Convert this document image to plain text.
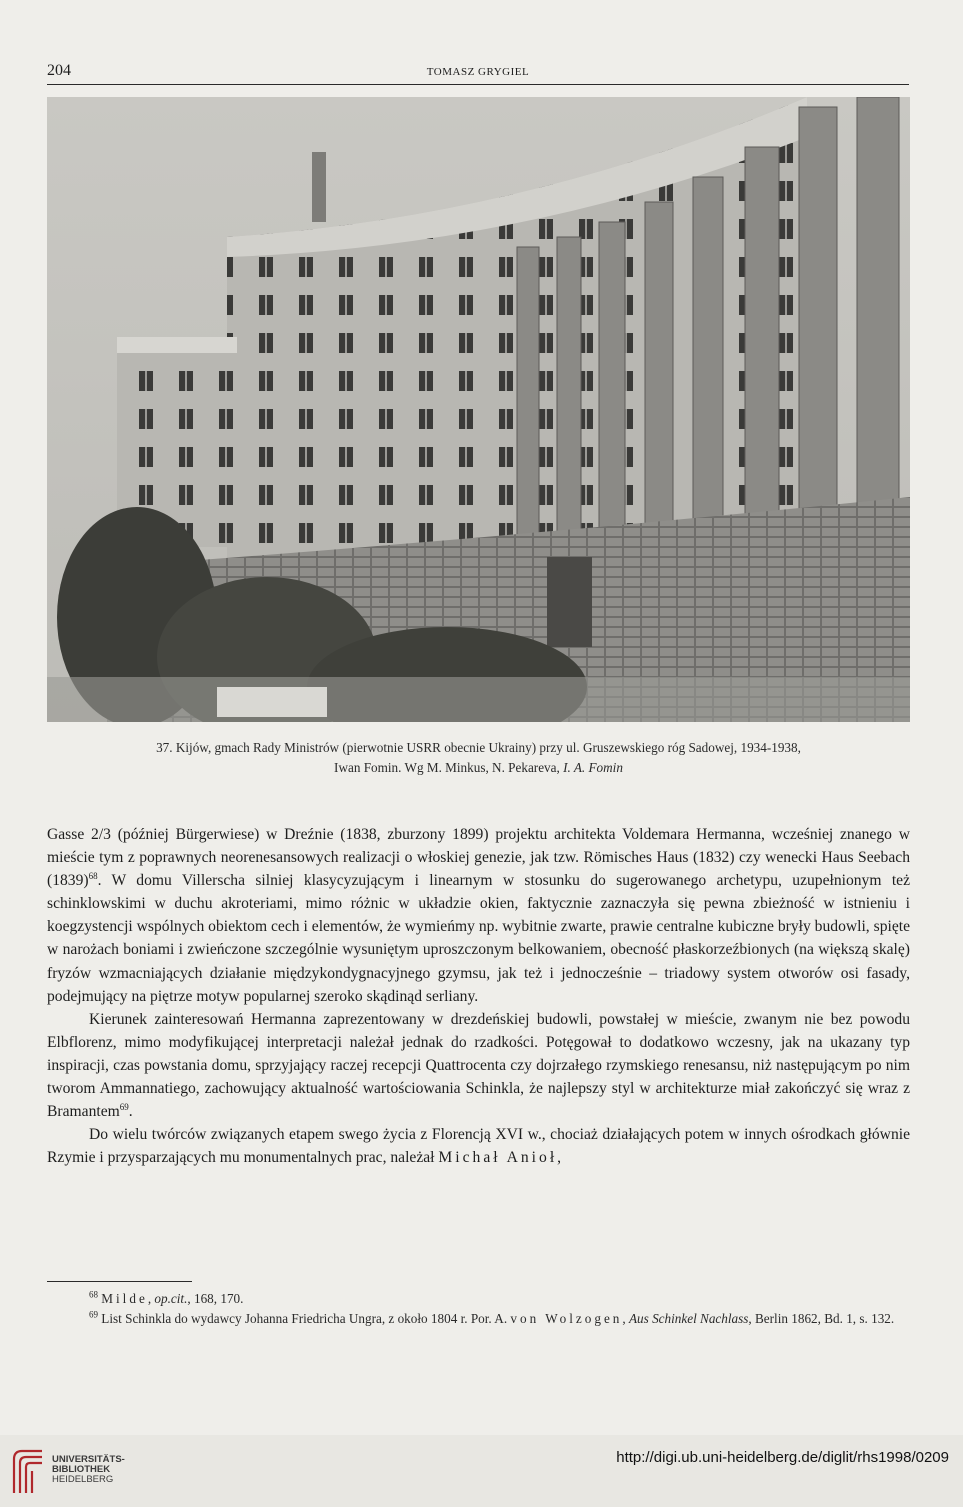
204	TOMASZ GRYGIEL
37. Kijów, gmach Rady Ministrów (pierwotnie USRR obecnie Ukrainy) przy ul. Gruszewskiego róg Sadowej, 1934-1938,
Iwan Fomin. Wg M. Minkus, N. Pekareva, I. A. Fomin

Gasse 2/3 (później Bürgerwiese) w Dreźnie (1838, zburzony 1899) projektu architekta Voldemara Hermanna, wcześniej znanego w mieście tym z poprawnych neorenesansowych realizacji o włoskiej genezie, jak tzw. Römisches Haus (1832) czy wenecki Haus Seebach $(1839)^{68}$. W domu Villerscha silniej klasycyzującym i linearnym w stosunku do sugerowanego archetypu, uzupełnionym też schinklowskimi w duchu akroteriami, mimo różnic w układzie okien, faktycznie zaznaczyła się pewna zbieżność w istnieniu i koegzystencji wspólnych obiektom cech i elementów, że wymieńmy np. wybitnie zwarte, prawie centralne kubiczne bryły budowli, spięte w narożach boniami i zwieńczone szczególnie wysuniętym uproszczonym belkowaniem, obecność płaskorzeźbionych (na większą skalę) fryzów wzmacniających działanie międzykondygnacyjnego gzymsu, jak też i jednocześnie – triadowy system otworów osi fasady, podejmujący na piętrze motyw popularnej szeroko skądinąd serliany.

Kierunek zainteresowań Hermanna zaprezentowany w drezdeńskiej budowli, powstałej w mieście, zwanym nie bez powodu Elbflorenz, mimo modyfikującej interpretacji należał jednak do rzadkości. Potęgował to dodatkowo wczesny, jak na ukazany typ inspiracji, czas powstania domu, sprzyjający raczej recepcji Quattrocenta czy dojrzałego rzymskiego renesansu, niż następującym po nim tworom Ammannatiego, zachowujący aktualność wartościowania Schinkla, że najlepszy styl w architekturze miał zakończyć się wraz z Bramantem$^{69}$.

Do wielu twórców związanych etapem swego życia z Florencją XVI w., chociaż działających potem w innych ośrodkach głównie Rzymie i przysparzających mu monumentalnych prac, należał Michał Anioł,

$^{68}$ Milde, op.cit., 168, 170.

$^{69}$ List Schinkla do wydawcy Johanna Friedricha Ungra, z około 1804 r. Por. A. von Wolzogen, Aus Schinkel Nachlass, Berlin 1862, Bd. 1, s. 132.

UNIVERSITÄTS-
BIBLIOTHEK
HEIDELBERG
http://digi.ub.uni-heidelberg.de/diglit/rhs1998/0209
